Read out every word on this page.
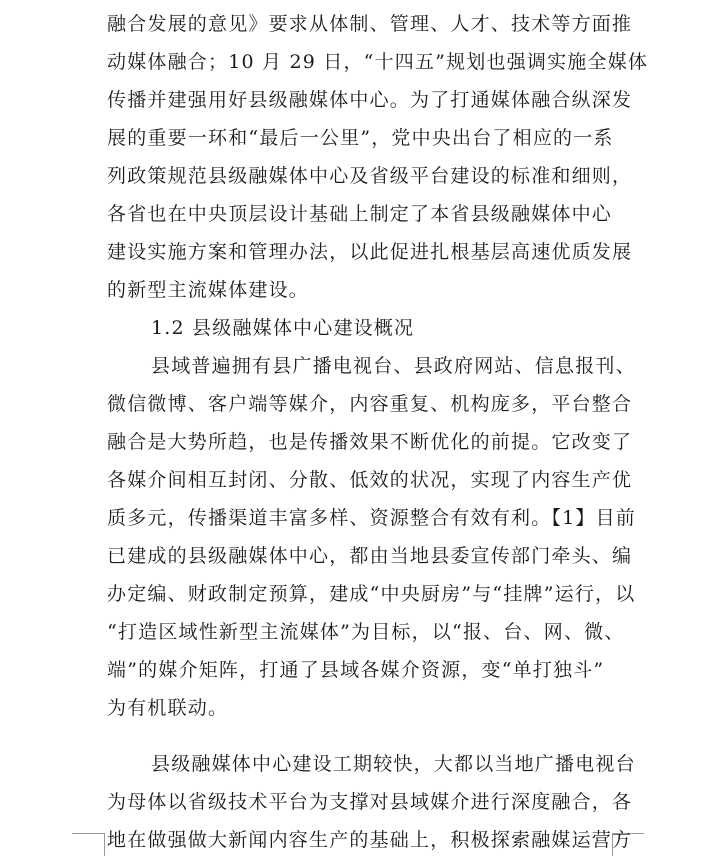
融合发展的意见》要求从体制、管理、人才、技术等方面推
动媒体融合；10 月 29 日，“十四五”规划也强调实施全媒体
传播并建强用好县级融媒体中心。为了打通媒体融合纵深发
展的重要一环和“最后一公里”，党中央出台了相应的一系
列政策规范县级融媒体中心及省级平台建设的标准和细则，
各省也在中央顶层设计基础上制定了本省县级融媒体中心
建设实施方案和管理办法，以此促进扎根基层高速优质发展
的新型主流媒体建设。
1.2 县级融媒体中心建设概况
县域普遍拥有县广播电视台、县政府网站、信息报刊、
微信微博、客户端等媒介，内容重复、机构庞多，平台整合
融合是大势所趋，也是传播效果不断优化的前提。它改变了
各媒介间相互封闭、分散、低效的状况，实现了内容生产优
质多元，传播渠道丰富多样、资源整合有效有利。【1】目前
已建成的县级融媒体中心，都由当地县委宣传部门牵头、编
办定编、财政制定预算，建成“中央厨房”与“挂牌”运行，以
“打造区域性新型主流媒体”为目标，以“报、台、网、微、
端”的媒介矩阵，打通了县域各媒介资源，变“单打独斗”
为有机联动。
县级融媒体中心建设工期较快，大都以当地广播电视台
为母体以省级技术平台为支撑对县域媒介进行深度融合，各
地在做强做大新闻内容生产的基础上，积极探索融媒运营方
